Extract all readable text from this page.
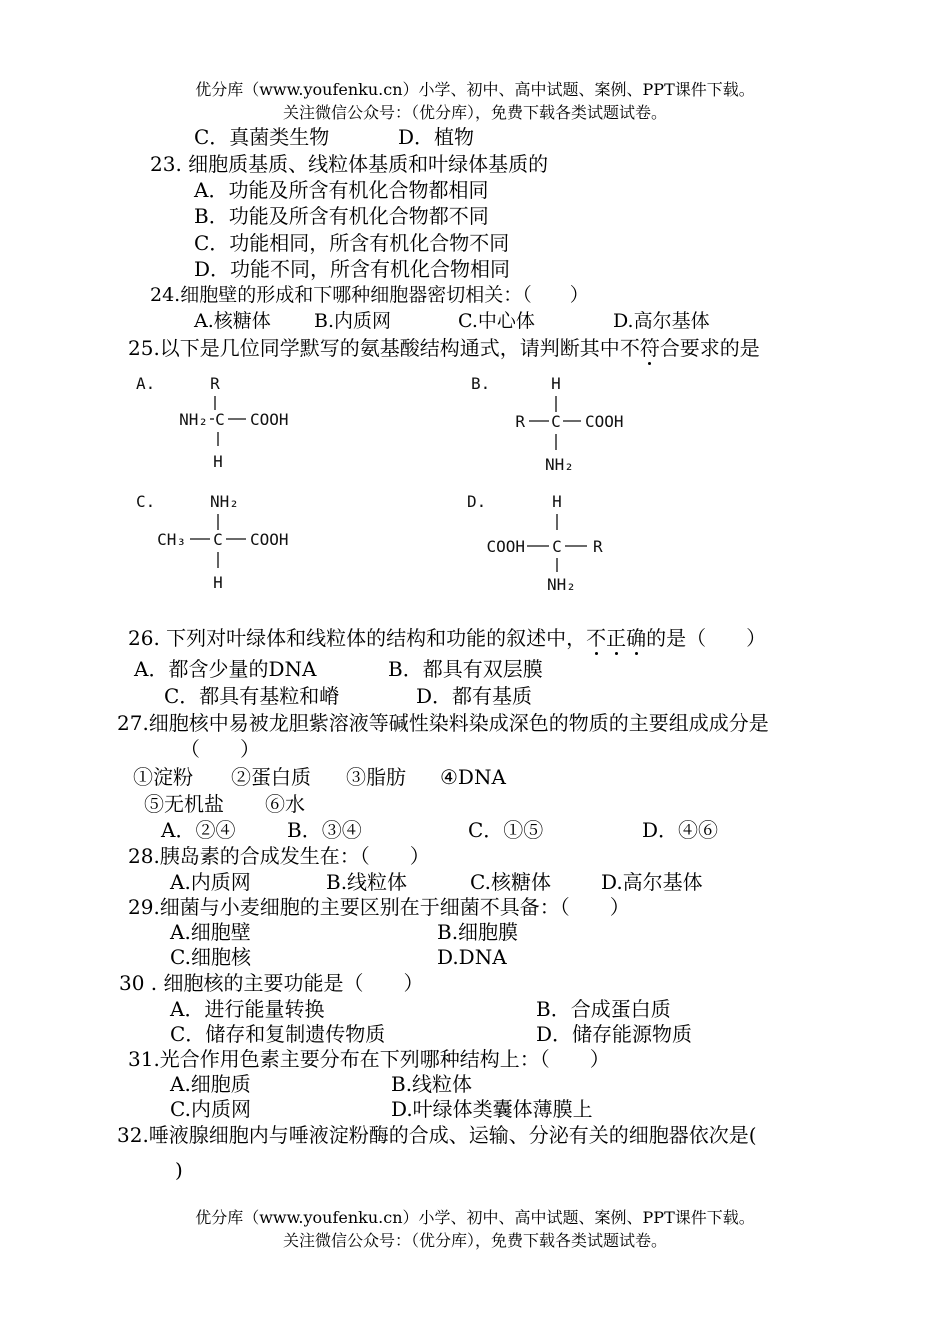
优分库（www.youfenku.cn）小学、初中、高中试题、案例、PPT课件下载。
关注微信公众号：（优分库），免费下载各类试题试卷。
C．真菌类生物	D．植物
23. 细胞质基质、线粒体基质和叶绿体基质的
A．功能及所含有机化合物都相同
B．功能及所含有机化合物都不同
C．功能相同，所含有机化合物不同
D．功能不同，所含有机化合物相同
24.细胞壁的形成和下哪种细胞器密切相关：（　　）
A.核糖体 B.内质网	C.中心体	D.高尔基体
25.以下是几位同学默写的氨基酸结构通式，请判断其中不符合要求的是
A.	R
NH₂ C COOH
H
B.	H
R C COOH
NH₂
C.	NH₂
CH₃ C COOH
H
D.	H
COOH C R
NH₂
26. 下列对叶绿体和线粒体的结构和功能的叙述中，不正确的是（　　）
A．都含少量的DNA	B．都具有双层膜
C．都具有基粒和嵴	D．都有基质
27.细胞核中易被龙胆紫溶液等碱性染料染成深色的物质的主要组成成分是
（　　）
①淀粉 ②蛋白质 ③脂肪 ④DNA
⑤无机盐 ⑥水
A．②④	B．③④	C．①⑤	D．④⑥
28.胰岛素的合成发生在：（　　）
A.内质网	B.线粒体	C.核糖体	D.高尔基体
29.细菌与小麦细胞的主要区别在于细菌不具备：（　　）
A.细胞壁	B.细胞膜
C.细胞核	D.DNA
30 . 细胞核的主要功能是（　　）
A．进行能量转换	B．合成蛋白质
C．储存和复制遗传物质	D．储存能源物质
31.光合作用色素主要分布在下列哪种结构上：（　　）
A.细胞质	B.线粒体
C.内质网	D.叶绿体类囊体薄膜上
32.唾液腺细胞内与唾液淀粉酶的合成、运输、分泌有关的细胞器依次是(
)
优分库（www.youfenku.cn）小学、初中、高中试题、案例、PPT课件下载。
关注微信公众号：（优分库），免费下载各类试题试卷。
